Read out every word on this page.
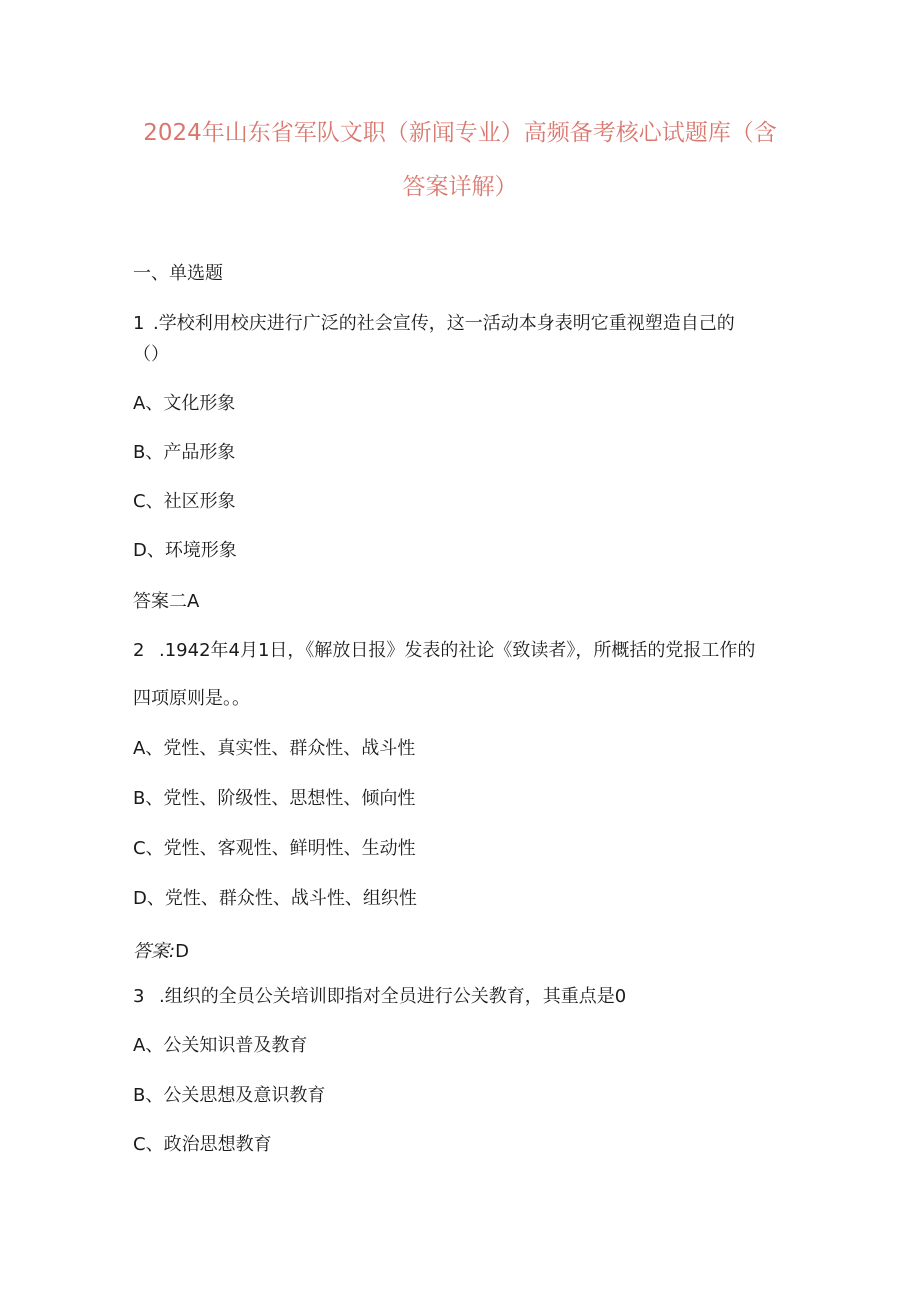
2024年山东省军队文职（新闻专业）高频备考核心试题库（含
答案详解）
一、单选题
1 .学校利用校庆进行广泛的社会宣传，这一活动本身表明它重视塑造自己的
（）
A、文化形象
B、产品形象
C、社区形象
D、环境形象
答案二A
2 .1942年4月1日，《解放日报》发表的社论《致读者》，所概括的党报工作的
四项原则是。。
A、党性、真实性、群众性、战斗性
B、党性、阶级性、思想性、倾向性
C、党性、客观性、鲜明性、生动性
D、党性、群众性、战斗性、组织性
答案:D
3 .组织的全员公关培训即指对全员进行公关教育，其重点是0
A、公关知识普及教育
B、公关思想及意识教育
C、政治思想教育
